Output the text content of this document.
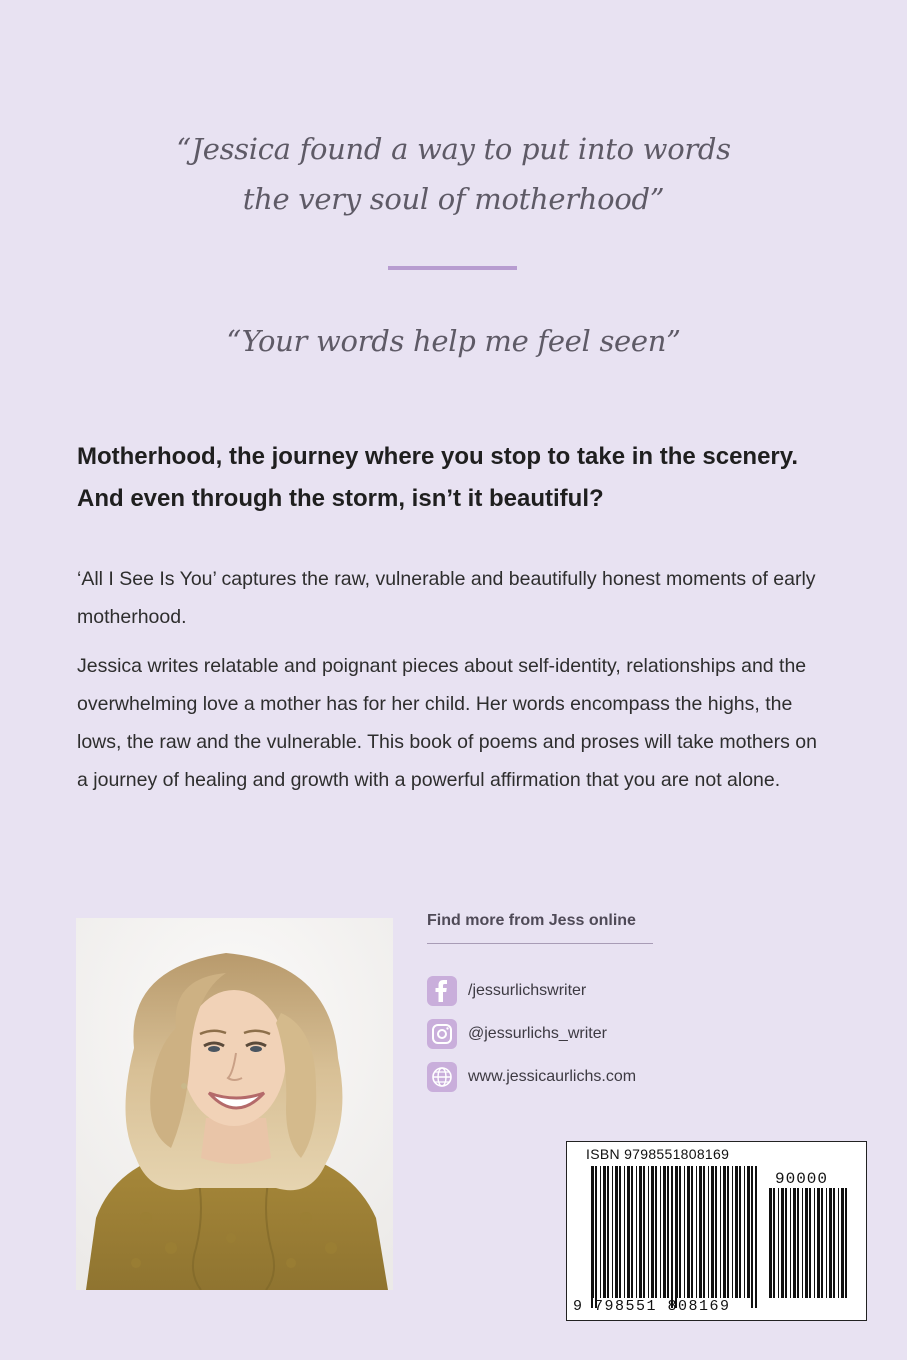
“Jessica found a way to put into words
the very soul of motherhood”
“Your words help me feel seen”
Motherhood, the journey where you stop to take in the scenery.
And even through the storm, isn’t it beautiful?

‘All I See Is You’ captures the raw, vulnerable and beautifully honest moments of early motherhood.

Jessica writes relatable and poignant pieces about self-identity, relationships and the overwhelming love a mother has for her child. Her words encompass the highs, the lows, the raw and the vulnerable. This book of poems and proses will take mothers on a journey of healing and growth with a powerful affirmation that you are not alone.

Find more from Jess online
/jessurlichswriter
@jessurlichs_writer
www.jessicaurlichs.com
ISBN 9798551808169
90000
9 798551 808169
